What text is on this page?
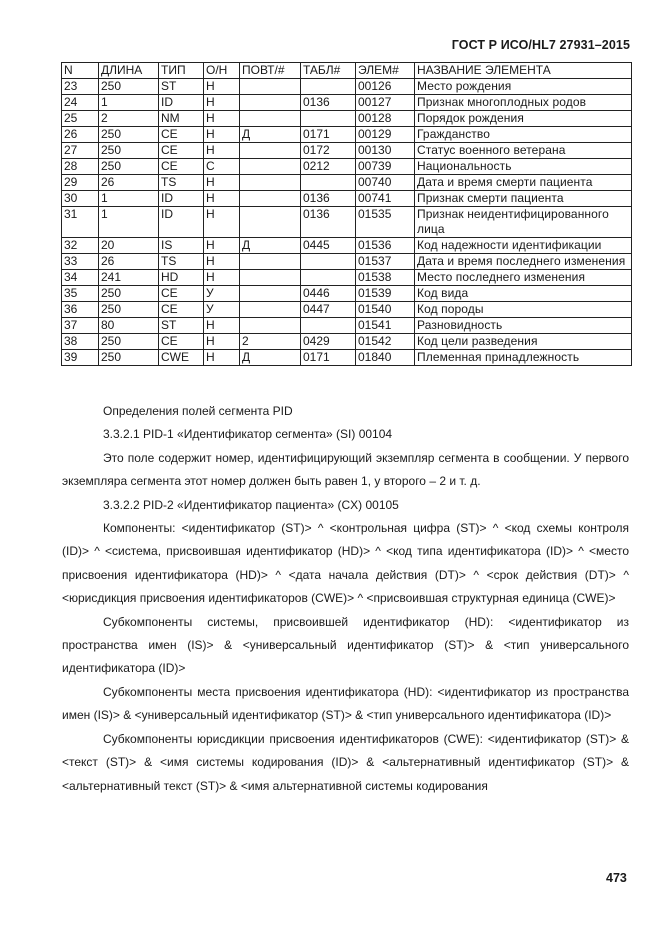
ГОСТ Р ИСО/HL7 27931–2015
N	ДЛИНА	ТИП	О/Н	ПОВТ/#	ТАБЛ#	ЭЛЕМ#	НАЗВАНИЕ ЭЛЕМЕНТА
23	250	ST	Н			00126	Место рождения
24	1	ID	Н		0136	00127	Признак многоплодных родов
25	2	NM	Н			00128	Порядок рождения
26	250	CE	Н	Д	0171	00129	Гражданство
27	250	CE	Н		0172	00130	Статус военного ветерана
28	250	CE	С		0212	00739	Национальность
29	26	TS	Н			00740	Дата и время смерти пациента
30	1	ID	Н		0136	00741	Признак смерти пациента
31	1	ID	Н		0136	01535	Признак неидентифицированного лица
32	20	IS	Н	Д	0445	01536	Код надежности идентификации
33	26	TS	Н			01537	Дата и время последнего изменения
34	241	HD	Н			01538	Место последнего изменения
35	250	CE	У		0446	01539	Код вида
36	250	CE	У		0447	01540	Код породы
37	80	ST	Н			01541	Разновидность
38	250	CE	Н	2	0429	01542	Код цели разведения
39	250	CWE	Н	Д	0171	01840	Племенная принадлежность

Определения полей сегмента PID

3.3.2.1 PID-1 «Идентификатор сегмента» (SI) 00104

Это поле содержит номер, идентифицирующий экземпляр сегмента в сообщении. У первого экземпляра сегмента этот номер должен быть равен 1, у второго – 2 и т. д.

3.3.2.2 PID-2 «Идентификатор пациента» (CX) 00105

Компоненты: <идентификатор (ST)> ^ <контрольная цифра (ST)> ^ <код схемы контроля (ID)> ^ <система, присвоившая идентификатор (HD)> ^ <код типа идентификатора (ID)> ^ <место присвоения идентификатора (HD)> ^ <дата начала действия (DT)> ^ <срок действия (DT)> ^ <юрисдикция присвоения идентификаторов (CWE)> ^ <присвоившая структурная единица (CWE)>

Субкомпоненты системы, присвоившей идентификатор (HD): <идентификатор из пространства имен (IS)> & <универсальный идентификатор (ST)> & <тип универсального идентификатора (ID)>

Субкомпоненты места присвоения идентификатора (HD): <идентификатор из пространства имен (IS)> & <универсальный идентификатор (ST)> & <тип универсального идентификатора (ID)>

Субкомпоненты юрисдикции присвоения идентификаторов (CWE): <идентификатор (ST)> & <текст (ST)> & <имя системы кодирования (ID)> & <альтернативный идентификатор (ST)> & <альтернативный текст (ST)> & <имя альтернативной системы кодирования

473
